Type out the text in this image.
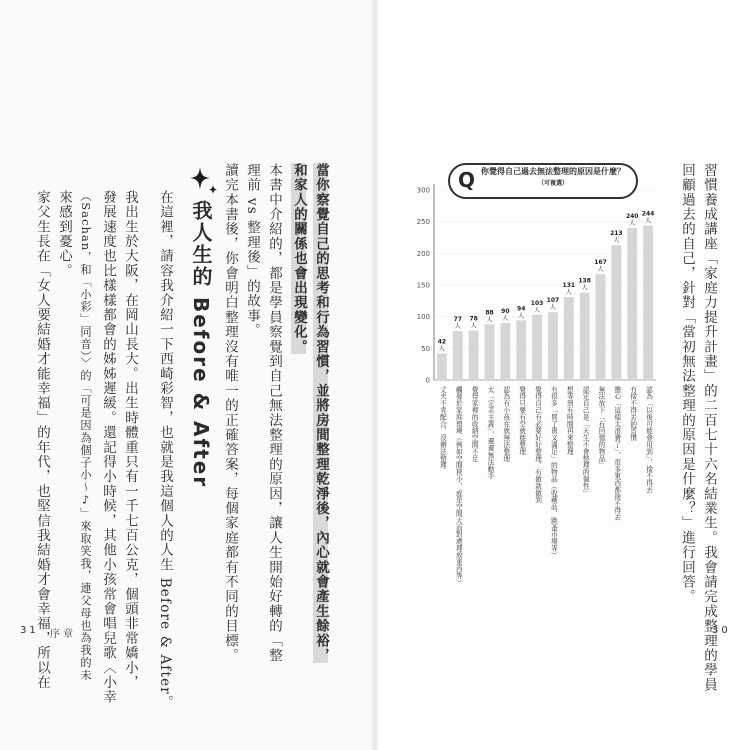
當你察覺自己的思考和行為習慣，並將房間整理乾淨後，內心就會產生餘裕，
和家人的關係也會出現變化。
本書中介紹的，都是學員察覺到自己無法整理的原因，讓人生開始好轉的「整
理前 vs 整理後」的故事。
讀完本書後，你會明白整理沒有唯一的正確答案，每個家庭都有不同的目標。
我人生的 Before & After
在這裡，請容我介紹一下西崎彩智，也就是我這個人的人生 Before & After。
我出生於大阪，在岡山長大。出生時體重只有一千七百公克，個頭非常嬌小，
發展速度也比樣樣都會的姊姊遲緩。還記得小時候，其他小孩常會唱兒歌〈小幸
（Sachan，和「小彩」同音）〉的「可是因為個子小～♪」來取笑我，連父母也為我的未
來感到憂心。
家父生長在「女人要結婚才能幸福」的年代，也堅信我結婚才會幸福，所以在
31 序章	習慣養成講座「家庭力提升計畫」的二百七十六名結業生。我會請完成整理的學員
回顧過去的自己，針對「當初無法整理的原因是什麼？」進行回答。
30
0
50
100
150
200
250
300
244
人
240
人
213
人
167
人
138
人
131
人
107
人
103
人
94
人
90
人
88
人
78
人
77
人
42
人
Q 你覺得自己過去無法整理的原因是什麼？（可複選）
認為「以後可能會用到」，捨不得丟
有捨不得丟的習慣
擔心「這樣太浪費了」，很多東西都捨不得丟
無法放下「有回憶的物品」
認定自己是「天生不會整理的個性」
想等到有時間再來整理
有很多「買了貴又滿足」的物品（收藏品、跳蚤市場等）
覺得自己有必要好好整理，有做就做到
覺得只要有空就能整理
認為有小孩在就無法整理
太「完美主義」，遲遲無法動手
覺得家裡的收納空間不足
觸發於家庭環境（例如空間狹小，或是空間大而對處理放東西等）
丈夫不肯配合，沒辦法整理
